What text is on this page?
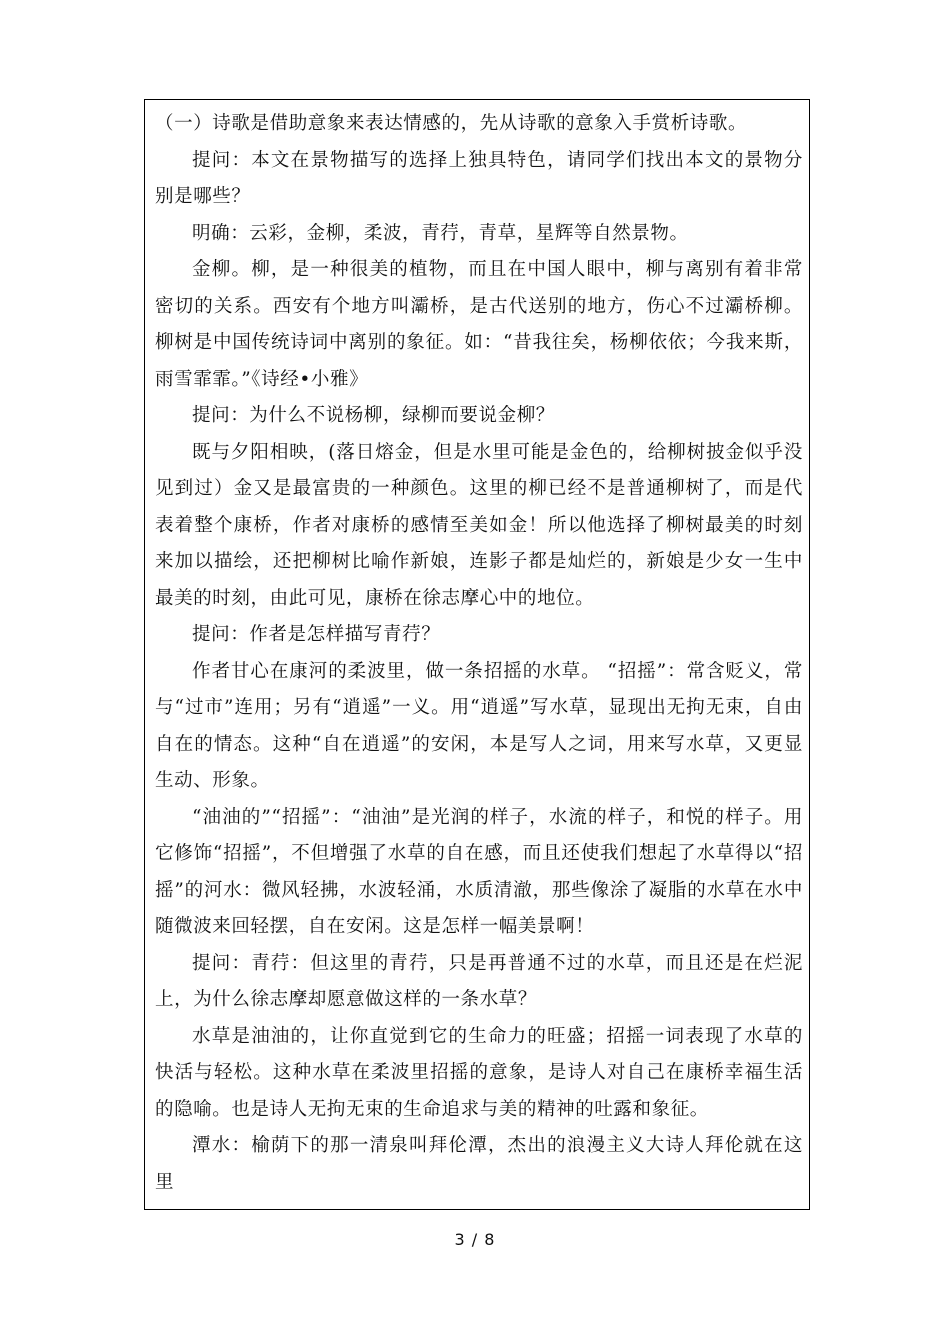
（一）诗歌是借助意象来表达情感的，先从诗歌的意象入手赏析诗歌。

提问：本文在景物描写的选择上独具特色，请同学们找出本文的景物分别是哪些？

明确：云彩，金柳，柔波，青荇，青草，星辉等自然景物。

金柳。柳，是一种很美的植物，而且在中国人眼中，柳与离别有着非常密切的关系。西安有个地方叫灞桥，是古代送别的地方，伤心不过灞桥柳。柳树是中国传统诗词中离别的象征。如：“昔我往矣，杨柳依依；今我来斯，雨雪霏霏。”《诗经•小雅》

提问：为什么不说杨柳，绿柳而要说金柳？

既与夕阳相映，(落日熔金，但是水里可能是金色的，给柳树披金似乎没见到过）金又是最富贵的一种颜色。这里的柳已经不是普通柳树了，而是代表着整个康桥，作者对康桥的感情至美如金！所以他选择了柳树最美的时刻来加以描绘，还把柳树比喻作新娘，连影子都是灿烂的，新娘是少女一生中最美的时刻，由此可见，康桥在徐志摩心中的地位。

提问：作者是怎样描写青荇？

作者甘心在康河的柔波里，做一条招摇的水草。 “招摇”：常含贬义，常与“过市”连用；另有“逍遥”一义。用“逍遥”写水草，显现出无拘无束，自由自在的情态。这种“自在逍遥”的安闲，本是写人之词，用来写水草，又更显生动、形象。

“油油的”“招摇”：“油油”是光润的样子，水流的样子，和悦的样子。用它修饰“招摇”，不但增强了水草的自在感，而且还使我们想起了水草得以“招摇”的河水：微风轻拂，水波轻涌，水质清澈，那些像涂了凝脂的水草在水中随微波来回轻摆，自在安闲。这是怎样一幅美景啊！

提问：青荇：但这里的青荇，只是再普通不过的水草，而且还是在烂泥上，为什么徐志摩却愿意做这样的一条水草？

水草是油油的，让你直觉到它的生命力的旺盛；招摇一词表现了水草的快活与轻松。这种水草在柔波里招摇的意象，是诗人对自己在康桥幸福生活的隐喻。也是诗人无拘无束的生命追求与美的精神的吐露和象征。

潭水：榆荫下的那一清泉叫拜伦潭，杰出的浪漫主义大诗人拜伦就在这里

3 / 8
